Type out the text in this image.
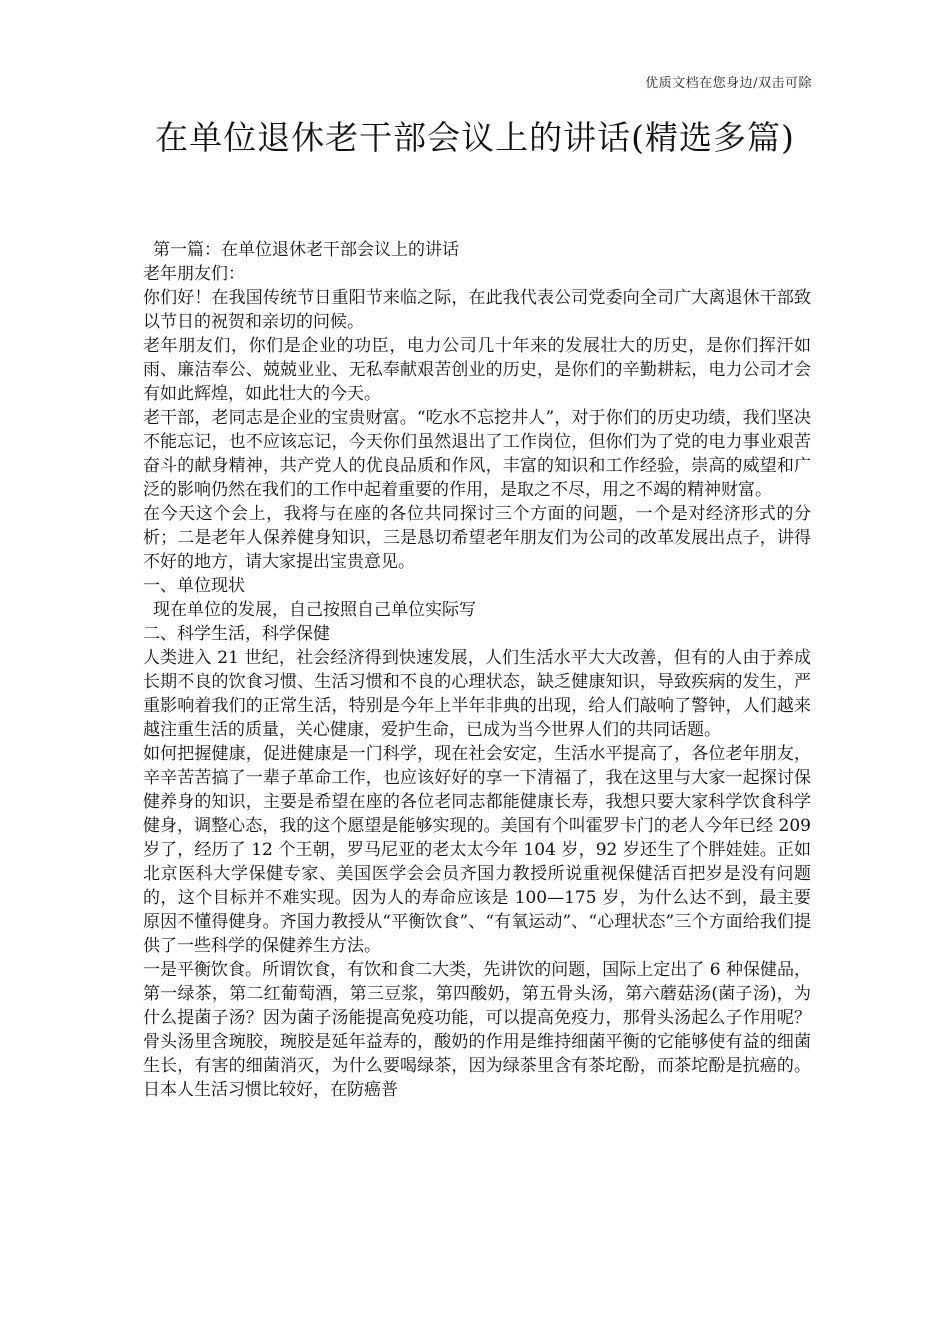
优质文档在您身边/双击可除
在单位退休老干部会议上的讲话(精选多篇)

第一篇：在单位退休老干部会议上的讲话

老年朋友们：

你们好！在我国传统节日重阳节来临之际，在此我代表公司党委向全司广大离退休干部致以节日的祝贺和亲切的问候。

老年朋友们，你们是企业的功臣，电力公司几十年来的发展壮大的历史，是你们挥汗如雨、廉洁奉公、兢兢业业、无私奉献艰苦创业的历史，是你们的辛勤耕耘，电力公司才会有如此辉煌，如此壮大的今天。

老干部，老同志是企业的宝贵财富。“吃水不忘挖井人”，对于你们的历史功绩，我们坚决不能忘记，也不应该忘记，今天你们虽然退出了工作岗位，但你们为了党的电力事业艰苦奋斗的献身精神，共产党人的优良品质和作风，丰富的知识和工作经验，崇高的威望和广泛的影响仍然在我们的工作中起着重要的作用，是取之不尽，用之不竭的精神财富。

在今天这个会上，我将与在座的各位共同探讨三个方面的问题，一个是对经济形式的分析；二是老年人保养健身知识，三是恳切希望老年朋友们为公司的改革发展出点子，讲得不好的地方，请大家提出宝贵意见。

一、单位现状

现在单位的发展，自己按照自己单位实际写

二、科学生活，科学保健

人类进入 21 世纪，社会经济得到快速发展，人们生活水平大大改善，但有的人由于养成长期不良的饮食习惯、生活习惯和不良的心理状态，缺乏健康知识，导致疾病的发生，严重影响着我们的正常生活，特别是今年上半年非典的出现，给人们敲响了警钟，人们越来越注重生活的质量，关心健康，爱护生命，已成为当今世界人们的共同话题。

如何把握健康，促进健康是一门科学，现在社会安定，生活水平提高了，各位老年朋友，辛辛苦苦搞了一辈子革命工作，也应该好好的享一下清福了，我在这里与大家一起探讨保健养身的知识，主要是希望在座的各位老同志都能健康长寿，我想只要大家科学饮食科学健身，调整心态，我的这个愿望是能够实现的。美国有个叫霍罗卡门的老人今年已经 209 岁了，经历了 12 个王朝，罗马尼亚的老太太今年 104 岁，92 岁还生了个胖娃娃。正如北京医科大学保健专家、美国医学会会员齐国力教授所说重视保健活百把岁是没有问题的，这个目标并不难实现。因为人的寿命应该是 100—175 岁，为什么达不到，最主要原因不懂得健身。齐国力教授从“平衡饮食”、“有氧运动”、“心理状态”三个方面给我们提供了一些科学的保健养生方法。

一是平衡饮食。所谓饮食，有饮和食二大类，先讲饮的问题，国际上定出了 6 种保健品，第一绿茶，第二红葡萄酒，第三豆浆，第四酸奶，第五骨头汤，第六蘑菇汤(菌子汤)，为什么提菌子汤？因为菌子汤能提高免疫功能，可以提高免疫力，那骨头汤起么子作用呢？骨头汤里含琬胶，琬胶是延年益寿的，酸奶的作用是维持细菌平衡的它能够使有益的细菌生长，有害的细菌消灭，为什么要喝绿茶，因为绿茶里含有茶坨酚，而茶坨酚是抗癌的。日本人生活习惯比较好，在防癌普
